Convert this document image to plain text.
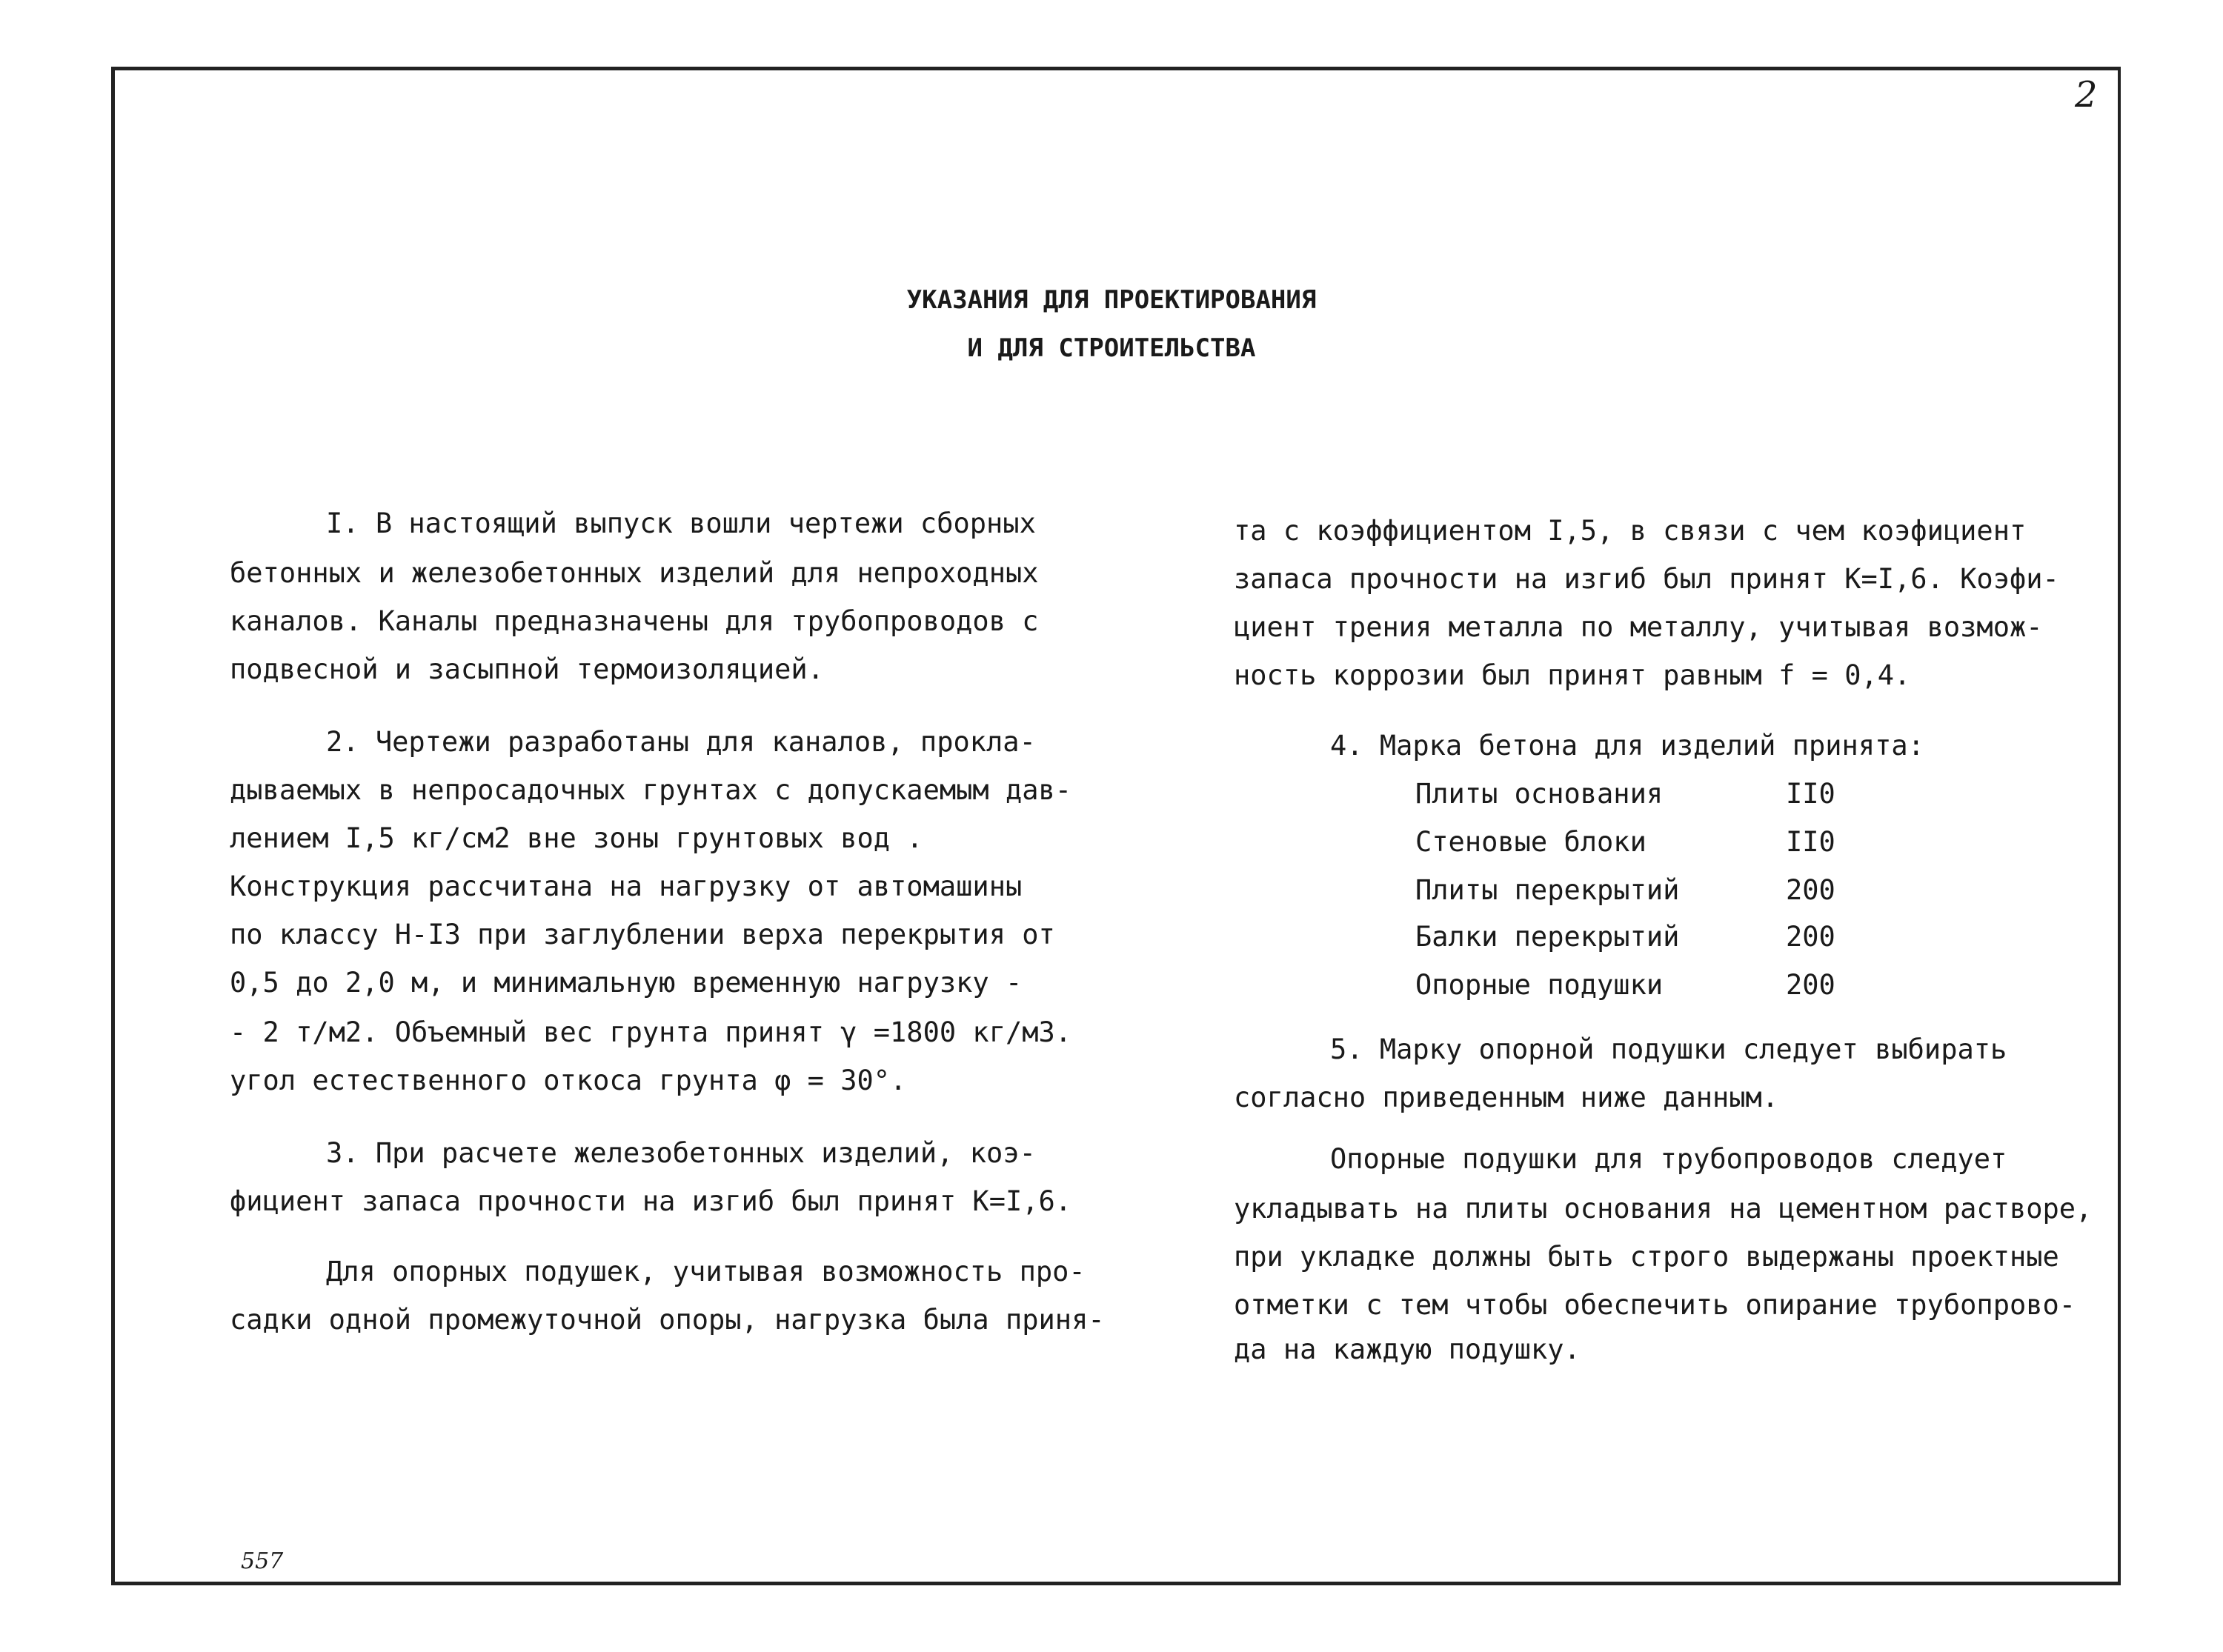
2
УКАЗАНИЯ ДЛЯ ПРОЕКТИРОВАНИЯ
И ДЛЯ СТРОИТЕЛЬСТВА
I. В настоящий выпуск вошли чертежи сборных
бетонных и железобетонных изделий для непроходных
каналов. Каналы предназначены для трубопроводов с
подвесной и засыпной термоизоляцией.
2. Чертежи разработаны для каналов, прокла-
дываемых в непросадочных грунтах с допускаемым дав-
лением I,5 кг/см2 вне зоны грунтовых вод .
Конструкция рассчитана на нагрузку от автомашины
по классу Н-I3 при заглублении верха перекрытия от
0,5 до 2,0 м, и минимальную временную нагрузку -
- 2 т/м2. Объемный вес грунта принят γ =1800 кг/м3.
угол естественного откоса грунта φ = 30°.
3. При расчете железобетонных изделий, коэ-
фициент запаса прочности на изгиб был принят К=I,6.
Для опорных подушек, учитывая возможность про-
садки одной промежуточной опоры, нагрузка была приня-
та с коэффициентом I,5, в связи с чем коэфициент
запаса прочности на изгиб был принят К=I,6. Коэфи-
циент трения металла по металлу, учитывая возмож-
ность коррозии был принят равным f = 0,4.
4. Марка бетона для изделий принята:
5. Марку опорной подушки следует выбирать
согласно приведенным ниже данным.
Опорные подушки для трубопроводов следует
укладывать на плиты основания на цементном растворе,
при укладке должны быть строго выдержаны проектные
отметки с тем чтобы обеспечить опирание трубопрово-
да на каждую подушку.
Плиты основания	II0
Стеновые блоки	II0
Плиты перекрытий	200
Балки перекрытий	200
Опорные подушки	200
557
